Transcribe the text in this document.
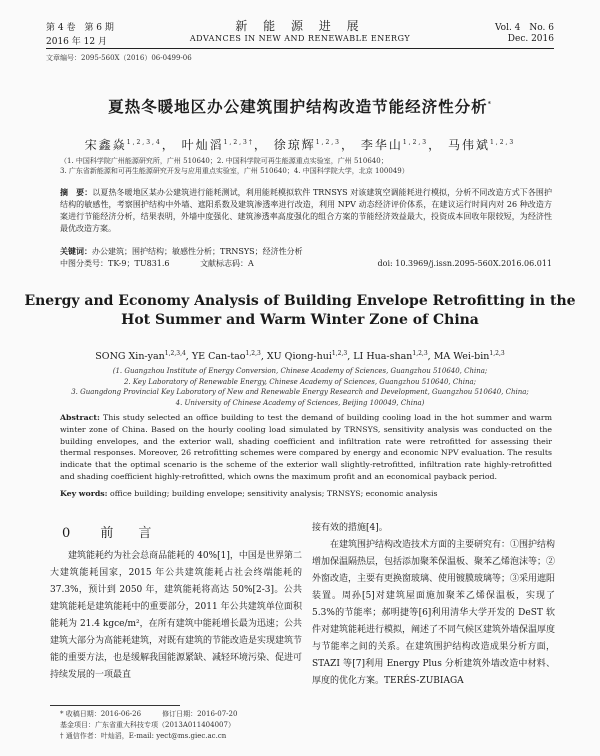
第 4 卷　第 6 期
2016 年 12 月
新 能 源 进 展
ADVANCES IN NEW AND RENEWABLE ENERGY
Vol. 4　No. 6
Dec. 2016
文章编号：2095-560X（2016）06-0499-06
夏热冬暖地区办公建筑围护结构改造节能经济性分析*
宋鑫焱$^{1,2,3,4}$， 叶灿滔$^{1,2,3\dagger}$， 徐琼辉$^{1,2,3}$， 李华山$^{1,2,3}$， 马伟斌$^{1,2,3}$
（1. 中国科学院广州能源研究所，广州 510640；2. 中国科学院可再生能源重点实验室，广州 510640；
3. 广东省新能源和可再生能源研究开发与应用重点实验室，广州 510640；4. 中国科学院大学，北京 100049）
摘　要：以夏热冬暖地区某办公建筑进行能耗测试，利用能耗模拟软件 TRNSYS 对该建筑空调能耗进行模拟，分析不同改造方式下各围护结构的敏感性，考察围护结构中外墙、遮阳系数及建筑渗透率进行改造，利用 NPV 动态经济评价体系，在建议运行时间内对 26 种改造方案进行节能经济分析，结果表明，外墙中度强化、建筑渗透率高度强化的组合方案的节能经济效益最大，投资成本回收年限较短，为经济性最优改造方案。
关键词：办公建筑；围护结构；敏感性分析；TRNSYS；经济性分析
中图分类号：TK-9；TU831.6	文献标志码：A	doi: 10.3969/j.issn.2095-560X.2016.06.011
Energy and Economy Analysis of Building Envelope Retrofitting in the
Hot Summer and Warm Winter Zone of China
SONG Xin-yan$^{1,2,3,4}$, YE Can-tao$^{1,2,3}$, XU Qiong-hui$^{1,2,3}$, LI Hua-shan$^{1,2,3}$, MA Wei-bin$^{1,2,3}$
(1. Guangzhou Institute of Energy Conversion, Chinese Academy of Sciences, Guangzhou 510640, China;
2. Key Laboratory of Renewable Energy, Chinese Academy of Sciences, Guangzhou 510640, China;
3. Guangdong Provincial Key Laboratory of New and Renewable Energy Research and Development, Guangzhou 510640, China;
4. University of Chinese Academy of Sciences, Beijing 100049, China)
Abstract: This study selected an office building to test the demand of building cooling load in the hot summer and warm winter zone of China. Based on the hourly cooling load simulated by TRNSYS, sensitivity analysis was conducted on the building envelopes, and the exterior wall, shading coefficient and infiltration rate were retrofitted for assessing their thermal responses. Moreover, 26 retrofitting schemes were compared by energy and economic NPV evaluation. The results indicate that the optimal scenario is the scheme of the exterior wall slightly-retrofitted, infiltration rate highly-retrofitted and shading coefficient highly-retrofitted, which owns the maximum profit and an economical payback period.
Key words: office building; building envelope; sensitivity analysis; TRNSYS; economic analysis
0 前　言
建筑能耗约为社会总商品能耗的 40%[1]，中国是世界第二大建筑能耗国家，2015 年公共建筑能耗占社会终端能耗的 37.3%，预计到 2050 年，建筑能耗将高达 50%[2-3]。公共建筑能耗是建筑能耗中的重要部分，2011 年公共建筑单位面积能耗为 21.4 kgce/m²，在所有建筑中能耗增长最为迅速；公共建筑大部分为高能耗建筑，对既有建筑的节能改造是实现建筑节能的重要方法，也是缓解我国能源紧缺、减轻环境污染、促进可持续发展的一项最直
接有效的措施[4]。
在建筑围护结构改造技术方面的主要研究有：①围护结构增加保温隔热层，包括添加聚苯保温板、聚苯乙烯泡沫等；②外窗改造，主要有更换窗玻璃、使用镀膜玻璃等；③采用遮阳装置。周孙[5]对建筑屋面施加聚苯乙烯保温板，实现了 5.3%的节能率；郝明捷等[6]利用清华大学开发的 DeST 软件对建筑能耗进行模拟，阐述了不同气候区建筑外墙保温厚度与节能率之间的关系。在建筑围护结构改造成果分析方面，STAZI 等[7]利用 Energy Plus 分析建筑外墙改造中材料、厚度的优化方案。TERÉS-ZUBIAGA
* 收稿日期：2016-06-26　　　修订日期：2016-07-20
基金项目：广东省重大科技专项（2013A011404007）
† 通信作者：叶灿滔，E-mail: yect@ms.giec.ac.cn
